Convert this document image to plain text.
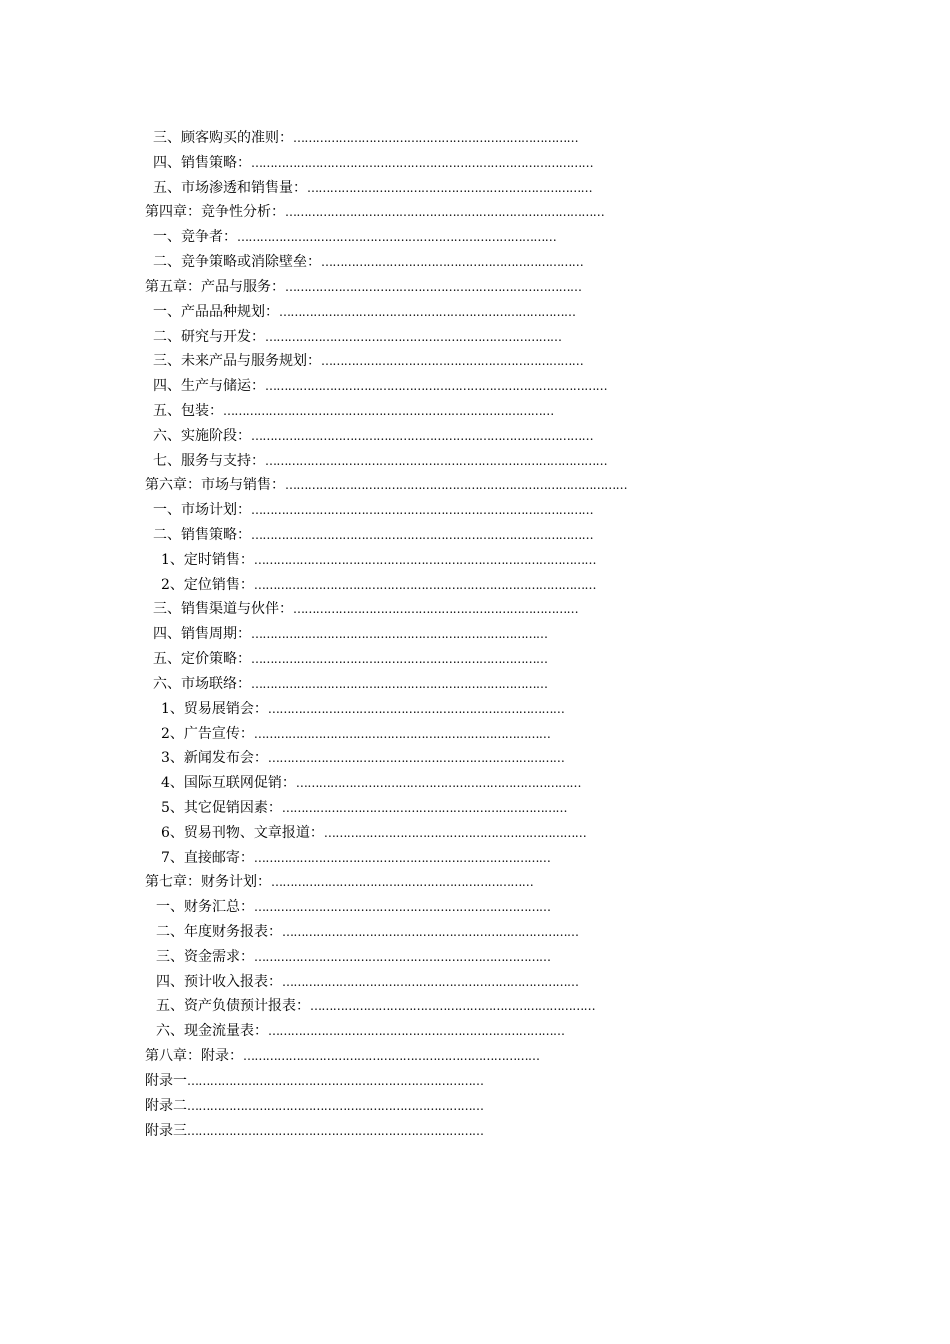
三、顾客购买的准则：…………………………………………………………………
四、销售策略：………………………………………………………………………………
五、市场渗透和销售量：…………………………………………………………………
第四章：竞争性分析：…………………………………………………………………………
一、竞争者：…………………………………………………………………………
二、竞争策略或消除壁垒：……………………………………………………………
第五章：产品与服务：……………………………………………………………………
一、产品品种规划：……………………………………………………………………
二、研究与开发：……………………………………………………………………
三、未来产品与服务规划：……………………………………………………………
四、生产与储运：………………………………………………………………………………
五、包装：……………………………………………………………………………
六、实施阶段：………………………………………………………………………………
七、服务与支持：………………………………………………………………………………
第六章：市场与销售：………………………………………………………………………………
一、市场计划：………………………………………………………………………………
二、销售策略：………………………………………………………………………………
1、定时销售：………………………………………………………………………………
2、定位销售：………………………………………………………………………………
三、销售渠道与伙伴：…………………………………………………………………
四、销售周期：……………………………………………………………………
五、定价策略：……………………………………………………………………
六、市场联络：……………………………………………………………………
1、贸易展销会：……………………………………………………………………
2、广告宣传：……………………………………………………………………
3、新闻发布会：……………………………………………………………………
4、国际互联网促销：…………………………………………………………………
5、其它促销因素：…………………………………………………………………
6、贸易刊物、文章报道：……………………………………………………………
7、直接邮寄：……………………………………………………………………
第七章：财务计划：……………………………………………………………
一、财务汇总：……………………………………………………………………
二、年度财务报表：……………………………………………………………………
三、资金需求：……………………………………………………………………
四、预计收入报表：……………………………………………………………………
五、资产负债预计报表：…………………………………………………………………
六、现金流量表：……………………………………………………………………
第八章：附录：……………………………………………………………………
附录一……………………………………………………………………
附录二……………………………………………………………………
附录三……………………………………………………………………
